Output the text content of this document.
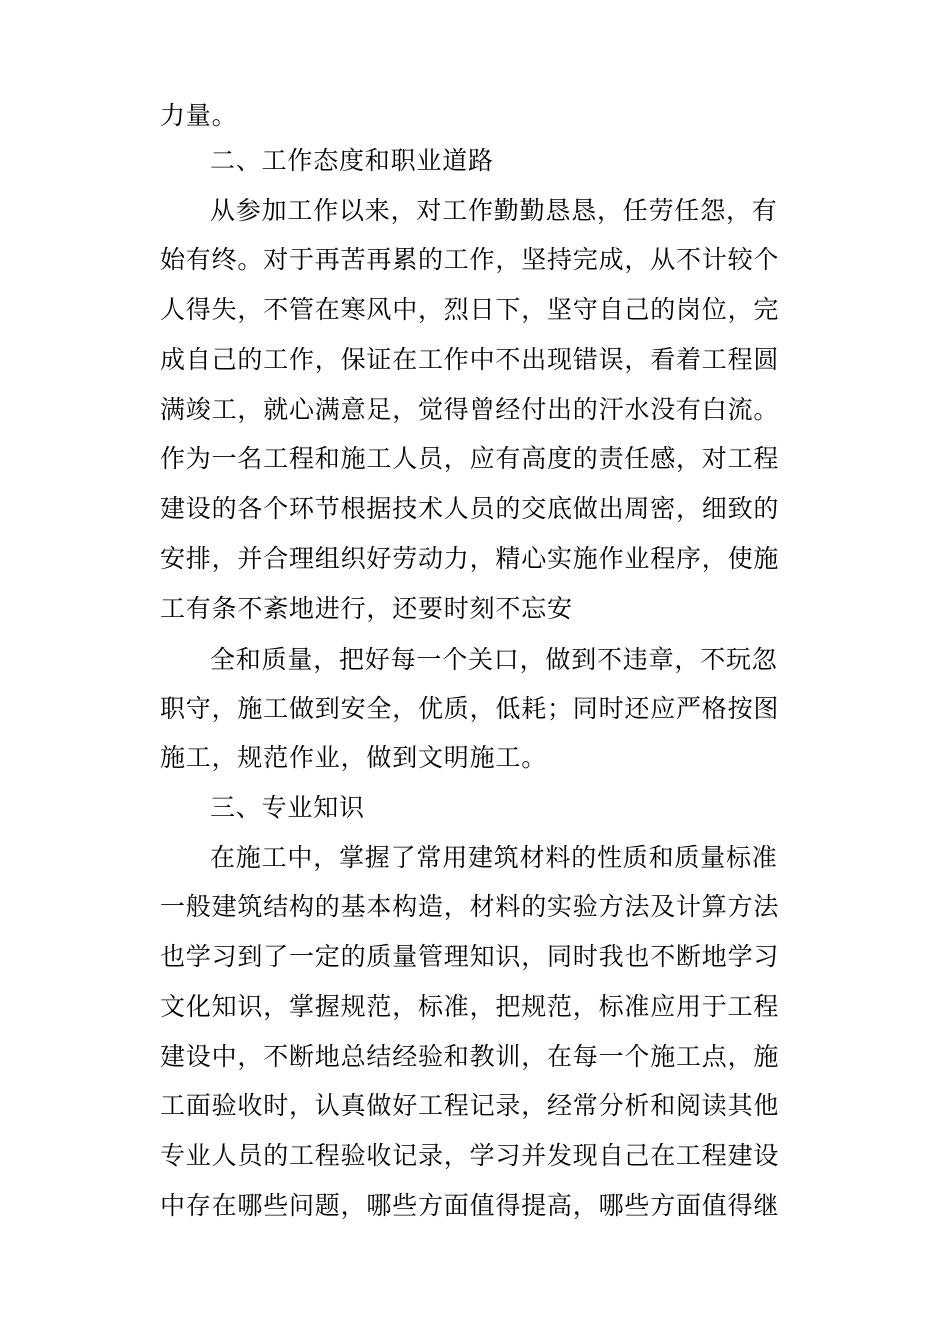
力量。
二、工作态度和职业道路
从参加工作以来，对工作勤勤恳恳，任劳任怨，有
始有终。对于再苦再累的工作，坚持完成，从不计较个
人得失，不管在寒风中，烈日下，坚守自己的岗位，完
成自己的工作，保证在工作中不出现错误，看着工程圆
满竣工，就心满意足，觉得曾经付出的汗水没有白流。
作为一名工程和施工人员，应有高度的责任感，对工程
建设的各个环节根据技术人员的交底做出周密，细致的
安排，并合理组织好劳动力，精心实施作业程序，使施
工有条不紊地进行，还要时刻不忘安
全和质量，把好每一个关口，做到不违章，不玩忽
职守，施工做到安全，优质，低耗；同时还应严格按图
施工，规范作业，做到文明施工。
三、专业知识
在施工中，掌握了常用建筑材料的性质和质量标准
一般建筑结构的基本构造，材料的实验方法及计算方法
也学习到了一定的质量管理知识，同时我也不断地学习
文化知识，掌握规范，标准，把规范，标准应用于工程
建设中，不断地总结经验和教训，在每一个施工点，施
工面验收时，认真做好工程记录，经常分析和阅读其他
专业人员的工程验收记录，学习并发现自己在工程建设
中存在哪些问题，哪些方面值得提高，哪些方面值得继
